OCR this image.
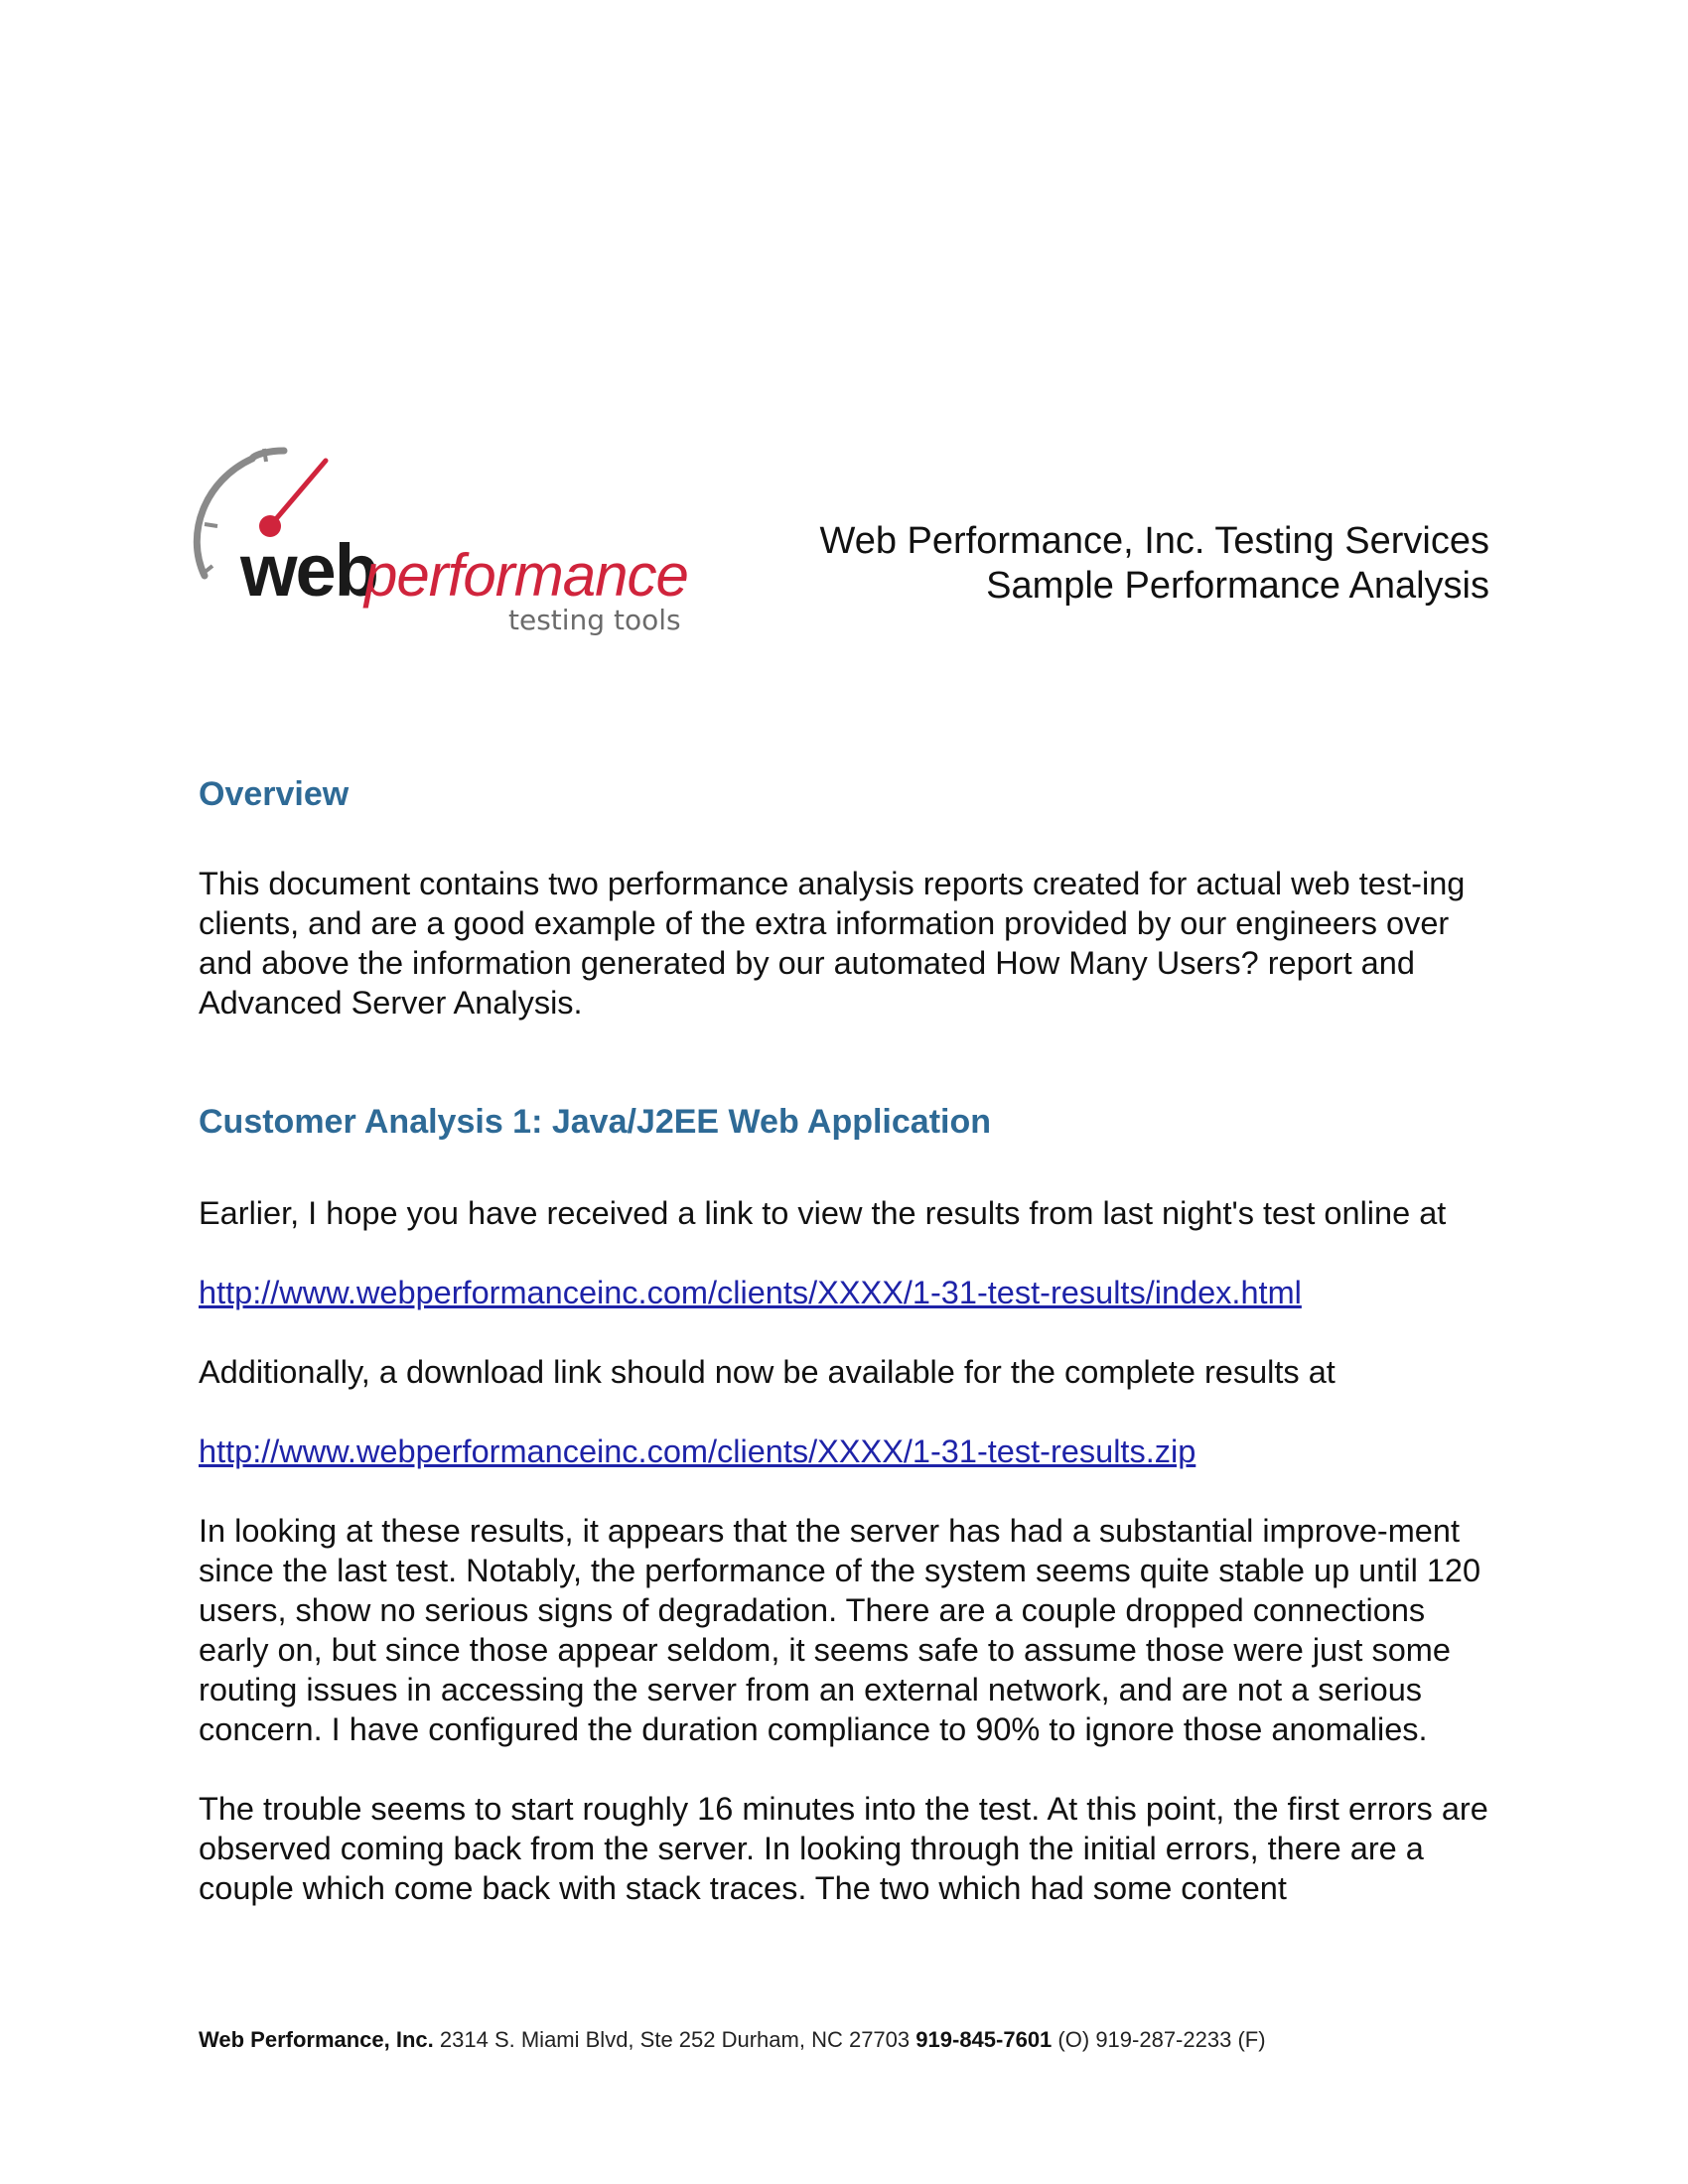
web
performance
testing tools
Web Performance, Inc. Testing Services
Sample Performance Analysis
Overview

This document contains two performance analysis reports created for actual web test-ing clients, and are a good example of the extra information provided by our engineers over and above the information generated by our automated How Many Users? report and Advanced Server Analysis.

Customer Analysis 1: Java/J2EE Web Application

Earlier, I hope you have received a link to view the results from last night's test online at

http://www.webperformanceinc.com/clients/XXXX/1-31-test-results/index.html

Additionally, a download link should now be available for the complete results at

http://www.webperformanceinc.com/clients/XXXX/1-31-test-results.zip

In looking at these results, it appears that the server has had a substantial improve-ment since the last test. Notably, the performance of the system seems quite stable up until 120 users, show no serious signs of degradation. There are a couple dropped connections early on, but since those appear seldom, it seems safe to assume those were just some routing issues in accessing the server from an external network, and are not a serious concern. I have configured the duration compliance to 90% to ignore those anomalies.

The trouble seems to start roughly 16 minutes into the test. At this point, the first errors are observed coming back from the server. In looking through the initial errors, there are a couple which come back with stack traces. The two which had some content

Web Performance, Inc. 2314 S. Miami Blvd, Ste 252 Durham, NC 27703 919-845-7601 (O) 919-287-2233 (F)
